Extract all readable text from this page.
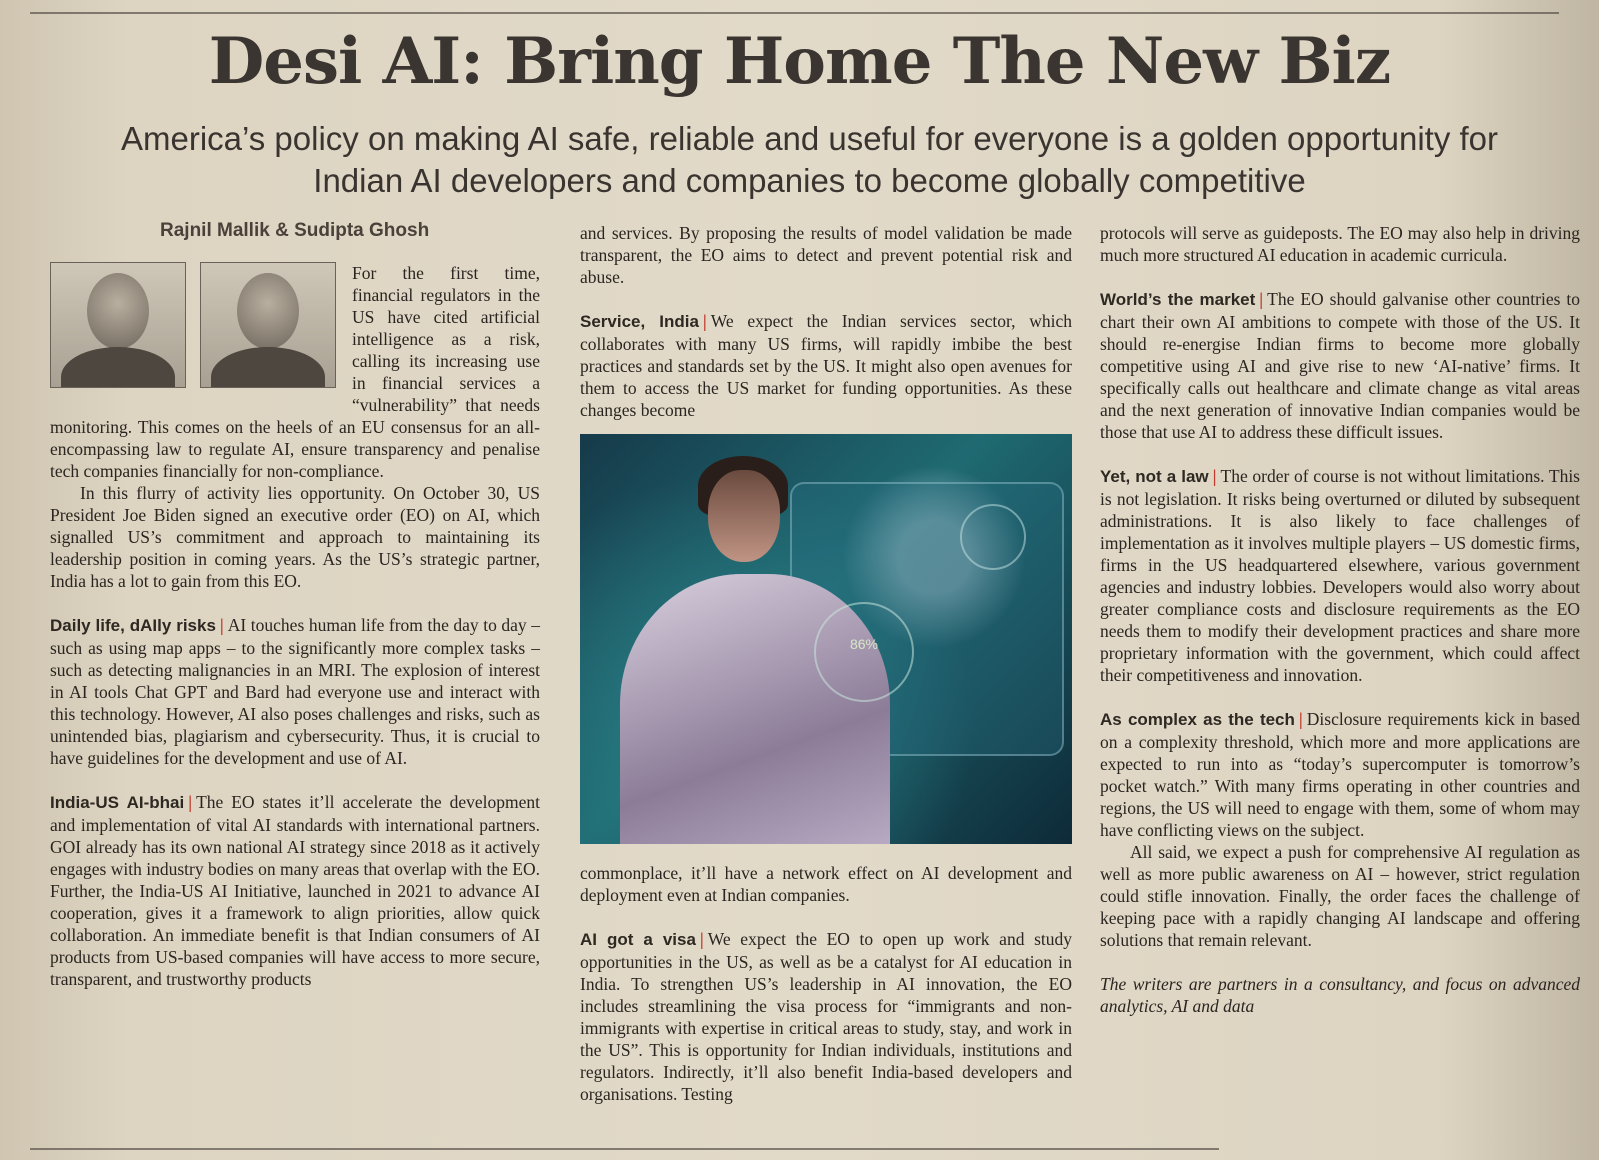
Desi AI: Bring Home The New Biz
America’s policy on making AI safe, reliable and useful for everyone is a golden opportunity for Indian AI developers and companies to become globally competitive
Rajnil Mallik & Sudipta Ghosh

For the first time, financial regulators in the US have cited artificial intelligence as a risk, calling its increasing use in financial services a “vulnerability” that needs monitoring. This comes on the heels of an EU consensus for an all-encompassing law to regulate AI, ensure transparency and penalise tech companies financially for non-compliance.

In this flurry of activity lies opportunity. On October 30, US President Joe Biden signed an executive order (EO) on AI, which signalled US’s commitment and approach to maintaining its leadership position in coming years. As the US’s strategic partner, India has a lot to gain from this EO.

Daily life, dAIly risks | AI touches human life from the day to day – such as using map apps – to the significantly more complex tasks – such as detecting malignancies in an MRI. The explosion of interest in AI tools Chat GPT and Bard had everyone use and interact with this technology. However, AI also poses challenges and risks, such as unintended bias, plagiarism and cybersecurity. Thus, it is crucial to have guidelines for the development and use of AI.

India-US AI-bhai | The EO states it’ll accelerate the development and implementation of vital AI standards with international partners. GOI already has its own national AI strategy since 2018 as it actively engages with industry bodies on many areas that overlap with the EO. Further, the India-US AI Initiative, launched in 2021 to advance AI cooperation, gives it a framework to align priorities, allow quick collaboration. An immediate benefit is that Indian consumers of AI products from US-based companies will have access to more secure, transparent, and trustworthy products

and services. By proposing the results of model validation be made transparent, the EO aims to detect and prevent potential risk and abuse.

Service, India | We expect the Indian services sector, which collaborates with many US firms, will rapidly imbibe the best practices and standards set by the US. It might also open avenues for them to access the US market for funding opportunities. As these changes become

86%

commonplace, it’ll have a network effect on AI development and deployment even at Indian companies.

AI got a visa | We expect the EO to open up work and study opportunities in the US, as well as be a catalyst for AI education in India. To strengthen US’s leadership in AI innovation, the EO includes streamlining the visa process for “immigrants and non-immigrants with expertise in critical areas to study, stay, and work in the US”. This is opportunity for Indian individuals, institutions and regulators. Indirectly, it’ll also benefit India-based developers and organisations. Testing

protocols will serve as guideposts. The EO may also help in driving much more structured AI education in academic curricula.

World’s the market | The EO should galvanise other countries to chart their own AI ambitions to compete with those of the US. It should re-energise Indian firms to become more globally competitive using AI and give rise to new ‘AI-native’ firms. It specifically calls out healthcare and climate change as vital areas and the next generation of innovative Indian companies would be those that use AI to address these difficult issues.

Yet, not a law | The order of course is not without limitations. This is not legislation. It risks being overturned or diluted by subsequent administrations. It is also likely to face challenges of implementation as it involves multiple players – US domestic firms, firms in the US headquartered elsewhere, various government agencies and industry lobbies. Developers would also worry about greater compliance costs and disclosure requirements as the EO needs them to modify their development practices and share more proprietary information with the government, which could affect their competitiveness and innovation.

As complex as the tech | Disclosure requirements kick in based on a complexity threshold, which more and more applications are expected to run into as “today’s supercomputer is tomorrow’s pocket watch.” With many firms operating in other countries and regions, the US will need to engage with them, some of whom may have conflicting views on the subject.

All said, we expect a push for comprehensive AI regulation as well as more public awareness on AI – however, strict regulation could stifle innovation. Finally, the order faces the challenge of keeping pace with a rapidly changing AI landscape and offering solutions that remain relevant.

The writers are partners in a consultancy, and focus on advanced analytics, AI and data
